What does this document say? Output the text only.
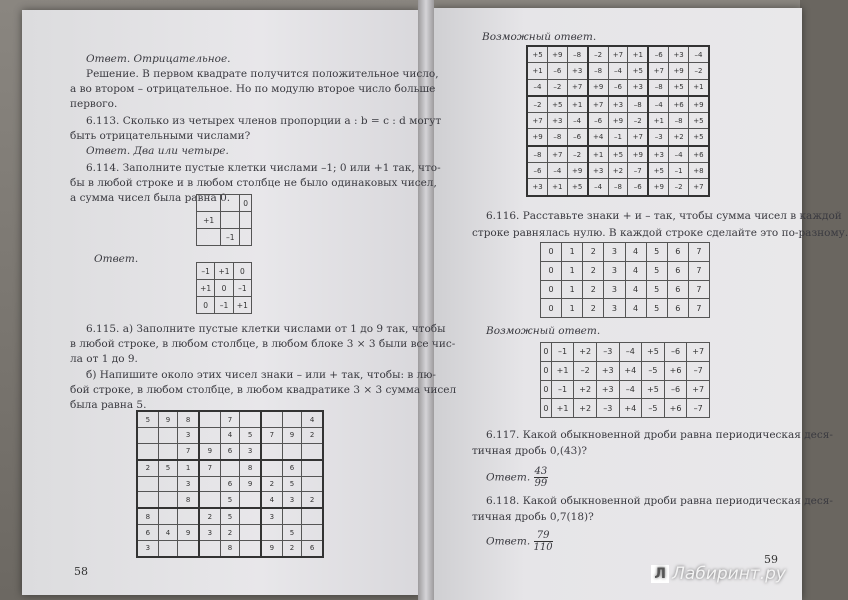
Ответ. Отрицательное.
Решение. В первом квадрате получится положительное число,
а во втором – отрицательное. Но по модулю второе число больше
первого.
6.113. Сколько из четырех членов пропорции a : b = c : d могут
быть отрицательными числами?
Ответ. Два или четыре.
6.114. Заполните пустые клетки числами –1; 0 или +1 так, что-
бы в любой строке и в любом столбце не было одинаковых чисел,
а сумма чисел была равна 0.
		0
+1		
	–1	
Ответ.
–1	+1	0
+1	0	–1
0	–1	+1
6.115. а) Заполните пустые клетки числами от 1 до 9 так, чтобы
в любой строке, в любом столбце, в любом блоке 3 × 3 были все чис-
ла от 1 до 9.
б) Напишите около этих чисел знаки – или + так, чтобы: в лю-
бой строке, в любом столбце, в любом квадратике 3 × 3 сумма чисел
была равна 5.
5	9	8		7				4
		3		4	5	7	9	2
		7	9	6	3			
2	5	1	7		8		6	
		3		6	9	2	5	
		8		5		4	3	2
8			2	5		3		
6	4	9	3	2			5	
3				8		9	2	6
58
Возможный ответ.
+5	+9	–8	–2	+7	+1	–6	+3	–4
+1	–6	+3	–8	–4	+5	+7	+9	–2
–4	–2	+7	+9	–6	+3	–8	+5	+1
–2	+5	+1	+7	+3	–8	–4	+6	+9
+7	+3	–4	–6	+9	–2	+1	–8	+5
+9	–8	–6	+4	–1	+7	–3	+2	+5
–8	+7	–2	+1	+5	+9	+3	–4	+6
–6	–4	+9	+3	+2	–7	+5	–1	+8
+3	+1	+5	–4	–8	–6	+9	–2	+7
6.116. Расставьте знаки + и – так, чтобы сумма чисел в каждой
строке равнялась нулю. В каждой строке сделайте это по-разному.
0	1	2	3	4	5	6	7
0	1	2	3	4	5	6	7
0	1	2	3	4	5	6	7
0	1	2	3	4	5	6	7
Возможный ответ.
0	–1	+2	–3	–4	+5	–6	+7
0	+1	–2	+3	+4	–5	+6	–7
0	–1	+2	+3	–4	+5	–6	+7
0	+1	+2	–3	+4	–5	+6	–7
6.117. Какой обыкновенной дроби равна периодическая деся-
тичная дробь 0,(43)?
Ответ. $\frac{43}{99}$
6.118. Какой обыкновенной дроби равна периодическая деся-
тичная дробь 0,7(18)?
Ответ. $\frac{79}{110}$
59
Л Лабиринт.ру
